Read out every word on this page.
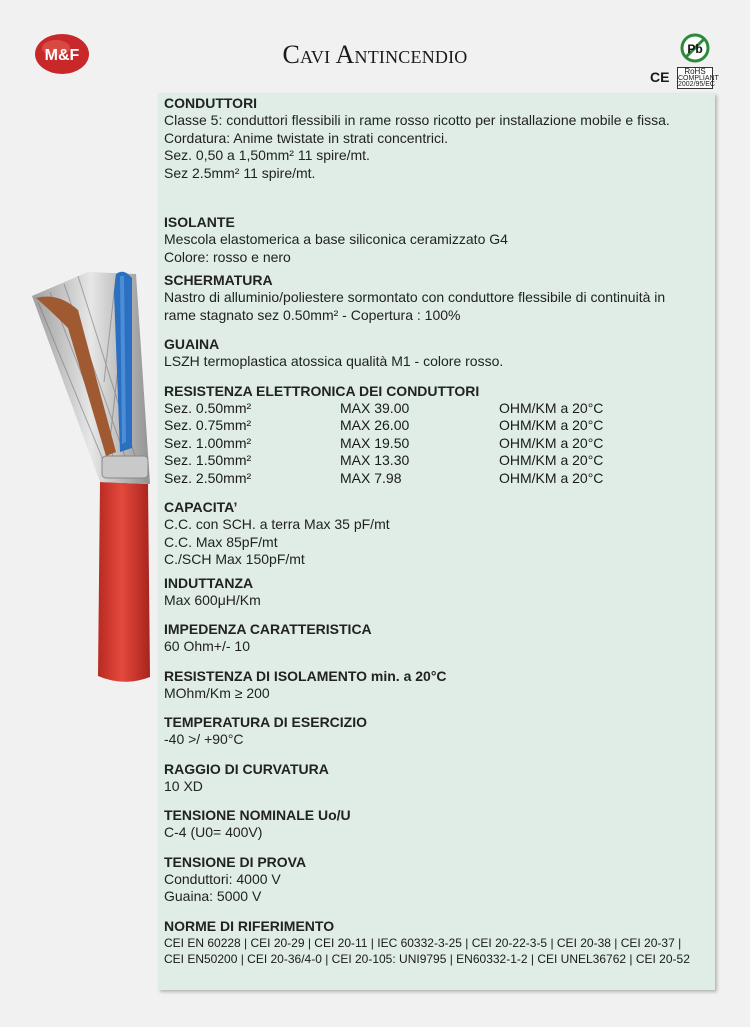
M&F	Cavi Antincendio	Pb
CE	RoHS
COMPLIANT
2002/95/EC
CONDUTTORI
Classe 5: conduttori flessibili in rame rosso ricotto per installazione mobile e fissa.
Cordatura: Anime twistate in strati concentrici.
Sez. 0,50 a 1,50mm² 11 spire/mt.
Sez 2.5mm² 11 spire/mt.
ISOLANTE
Mescola elastomerica a base siliconica ceramizzato G4
Colore: rosso e nero
SCHERMATURA
Nastro di alluminio/poliestere sormontato con conduttore flessibile di continuità in
rame stagnato sez 0.50mm² - Copertura : 100%
GUAINA
LSZH termoplastica atossica qualità M1 - colore rosso.
RESISTENZA ELETTRONICA DEI CONDUTTORI
Sez. 0.50mm²	MAX 39.00	OHM/KM a 20°C
Sez. 0.75mm²	MAX 26.00	OHM/KM a 20°C
Sez. 1.00mm²	MAX 19.50	OHM/KM a 20°C
Sez. 1.50mm²	MAX 13.30	OHM/KM a 20°C
Sez. 2.50mm²	MAX 7.98	OHM/KM a 20°C
CAPACITA’
C.C. con SCH. a terra Max 35 pF/mt
C.C. Max 85pF/mt
C./SCH Max 150pF/mt
INDUTTANZA
Max 600μH/Km
IMPEDENZA CARATTERISTICA
60 Ohm+/- 10
RESISTENZA DI ISOLAMENTO min. a 20°C
MOhm/Km ≥ 200
TEMPERATURA DI ESERCIZIO
-40 >/ +90°C
RAGGIO DI CURVATURA
10 XD
TENSIONE NOMINALE Uo/U
C-4 (U0= 400V)
TENSIONE DI PROVA
Conduttori: 4000 V
Guaina: 5000 V
NORME DI RIFERIMENTO
CEI EN 60228 | CEI 20-29 | CEI 20-11 | IEC 60332-3-25 | CEI 20-22-3-5 | CEI 20-38 | CEI 20-37 |
CEI EN50200 | CEI 20-36/4-0 | CEI 20-105: UNI9795 | EN60332-1-2 | CEI UNEL36762 | CEI 20-52
